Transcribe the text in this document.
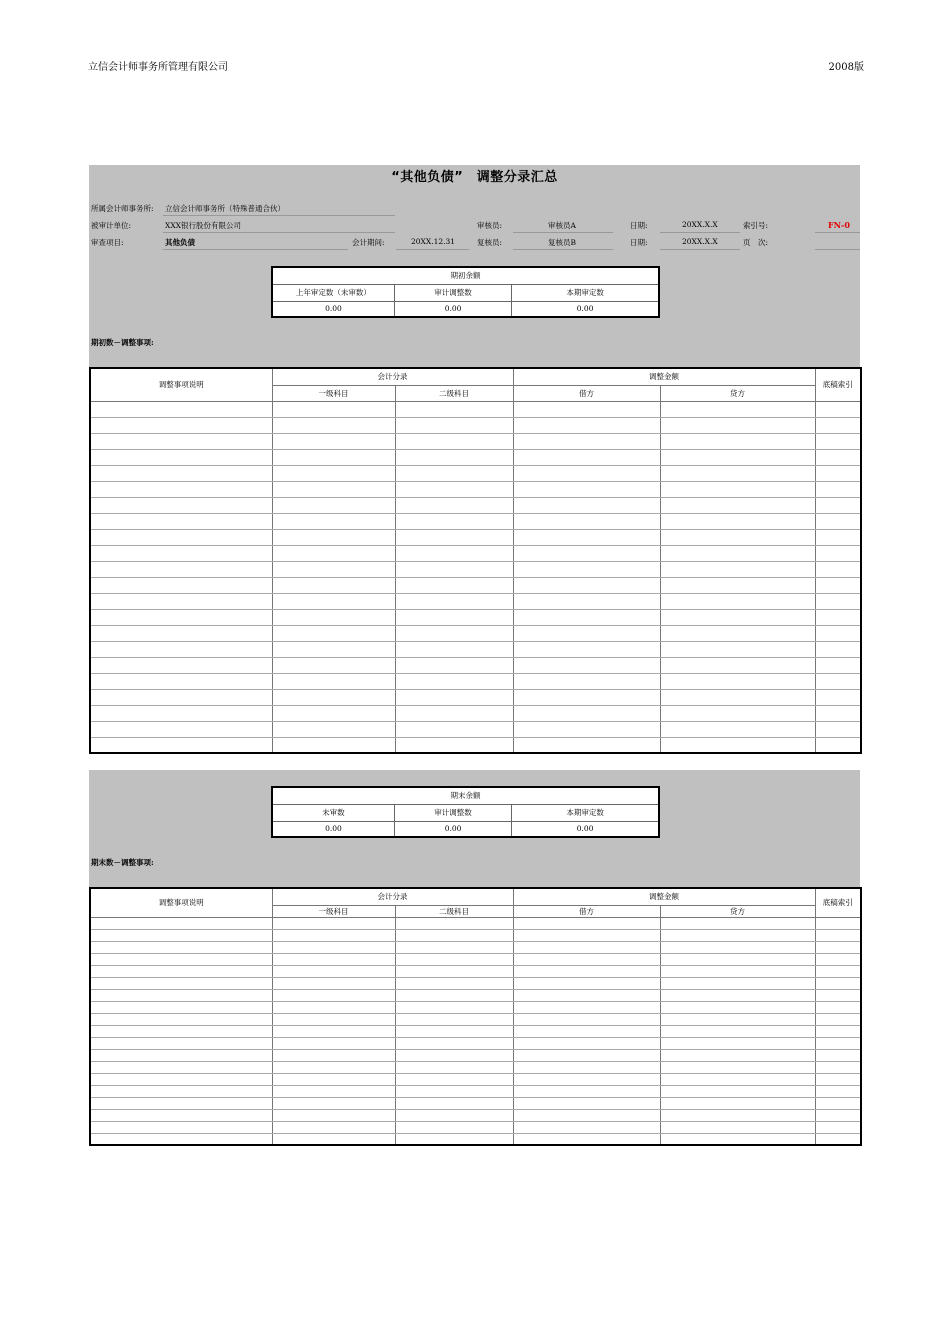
立信会计师事务所管理有限公司	2008版
“其他负债”　调整分录汇总
所属会计师事务所: 立信会计师事务所（特殊普通合伙）
被审计单位:	XXX银行股份有限公司
审查项目:	其他负债	会计期间:	20XX.12.31
审核员:	审核员A
复核员:	复核员B
日期:	20XX.X.X
日期:	20XX.X.X
索引号:	FN-0
页　次:
期初余额		
上年审定数（未审数）	审计调整数	本期审定数
0.00	0.00	0.00
期初数－调整事项:
调整事项说明	会计分录		调整金额		底稿索引
	一级科目	二级科目	借方	贷方	

期末余额		
未审数	审计调整数	本期审定数
0.00	0.00	0.00
期末数－调整事项:
调整事项说明	会计分录		调整金额		底稿索引
	一级科目	二级科目	借方	贷方	
